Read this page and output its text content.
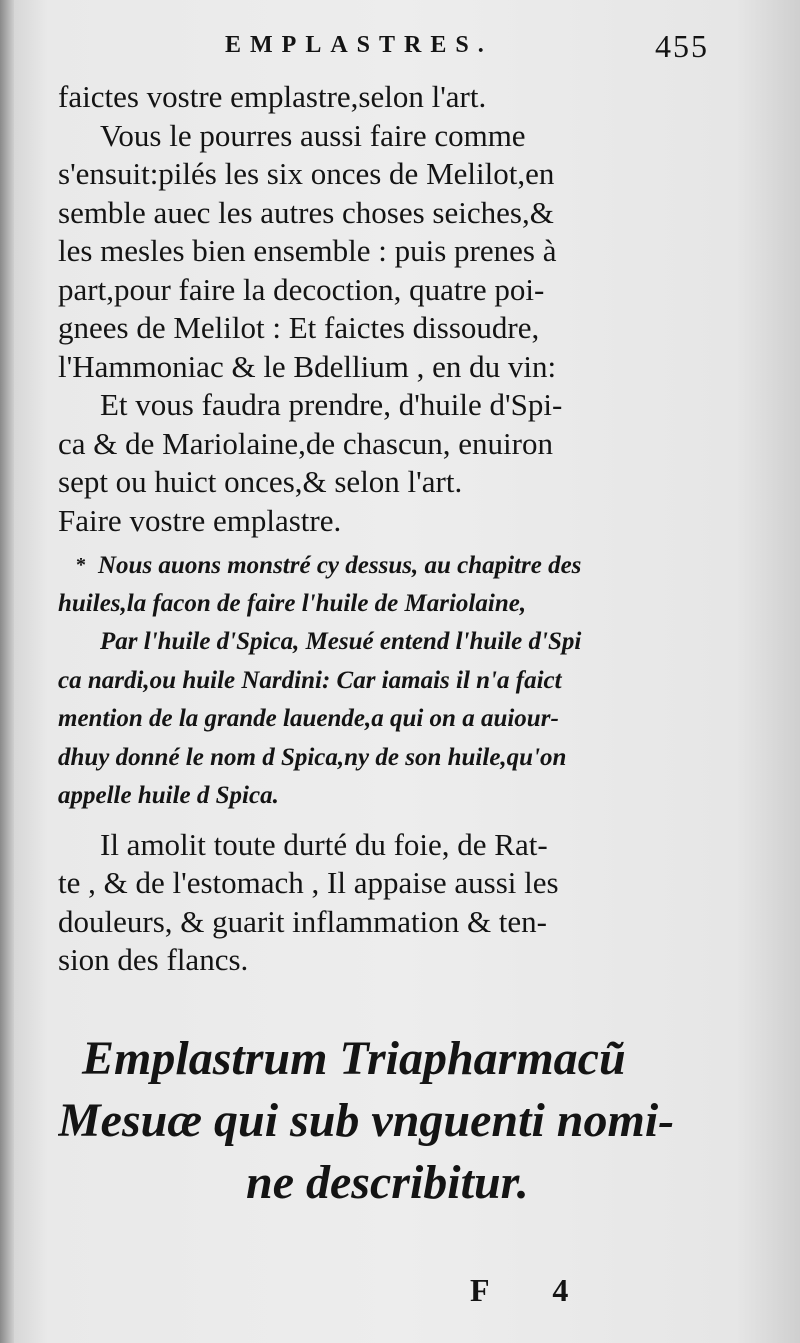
EMPLASTRES.	455
faictes vostre emplastre,selon l'art.
Vous le pourres aussi faire comme
s'ensuit:pilés les six onces de Melilot,en
semble auec les autres choses seiches,&
les mesles bien ensemble : puis prenes à
part,pour faire la decoction, quatre poi-
gnees de Melilot : Et faictes dissoudre,
l'Hammoniac & le Bdellium , en du vin:
Et vous faudra prendre, d'huile d'Spi-
ca & de Mariolaine,de chascun, enuiron
sept ou huict onces,& selon l'art.
Faire vostre emplastre.
* Nous auons monstré cy dessus, au chapitre des
huiles,la facon de faire l'huile de Mariolaine,
Par l'huile d'Spica, Mesué entend l'huile d'Spi
ca nardi,ou huile Nardini: Car iamais il n'a faict
mention de la grande lauende,a qui on a auiour-
dhuy donné le nom d Spica,ny de son huile,qu'on
appelle huile d Spica.
Il amolit toute durté du foie, de Rat-
te , & de l'estomach , Il appaise aussi les
douleurs, & guarit inflammation & ten-
sion des flancs.
Emplastrum Triapharmacũ
Mesuæ qui sub vnguenti nomi-
ne describitur.
F 4
